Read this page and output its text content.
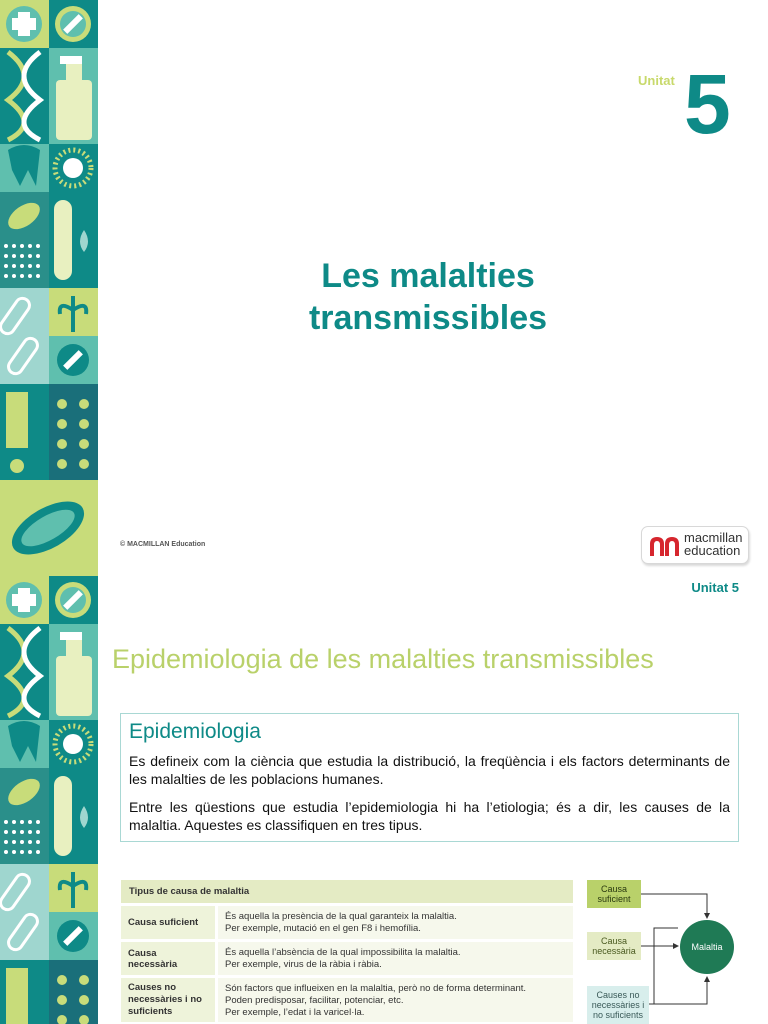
Unitat 5
Les malalties
transmissibles
© MACMILLAN Education	macmillan
education
Unitat 5
Epidemiologia de les malalties transmissibles
Epidemiologia

Es defineix com la ciència que estudia la distribució, la freqüència i els factors determinants de les malalties de les poblacions humanes.

Entre les qüestions que estudia l’epidemiologia hi ha l’etiologia; és a dir, les causes de la malaltia. Aquestes es classifiquen en tres tipus.

Tipus de causa de malaltia
Causa suficient
És aquella la presència de la qual garanteix la malaltia.
Per exemple, mutació en el gen F8 i hemofília.
Causa necessària
És aquella l’absència de la qual impossibilita la malaltia.
Per exemple, virus de la ràbia i ràbia.
Causes no necessàries i no suficients
Són factors que influeixen en la malaltia, però no de forma determinant.
Poden predisposar, facilitar, potenciar, etc.
Per exemple, l’edat i la varicel·la.
Causa suficient
Causa necessària
Causes no necessàries i no suficients
Malaltia
